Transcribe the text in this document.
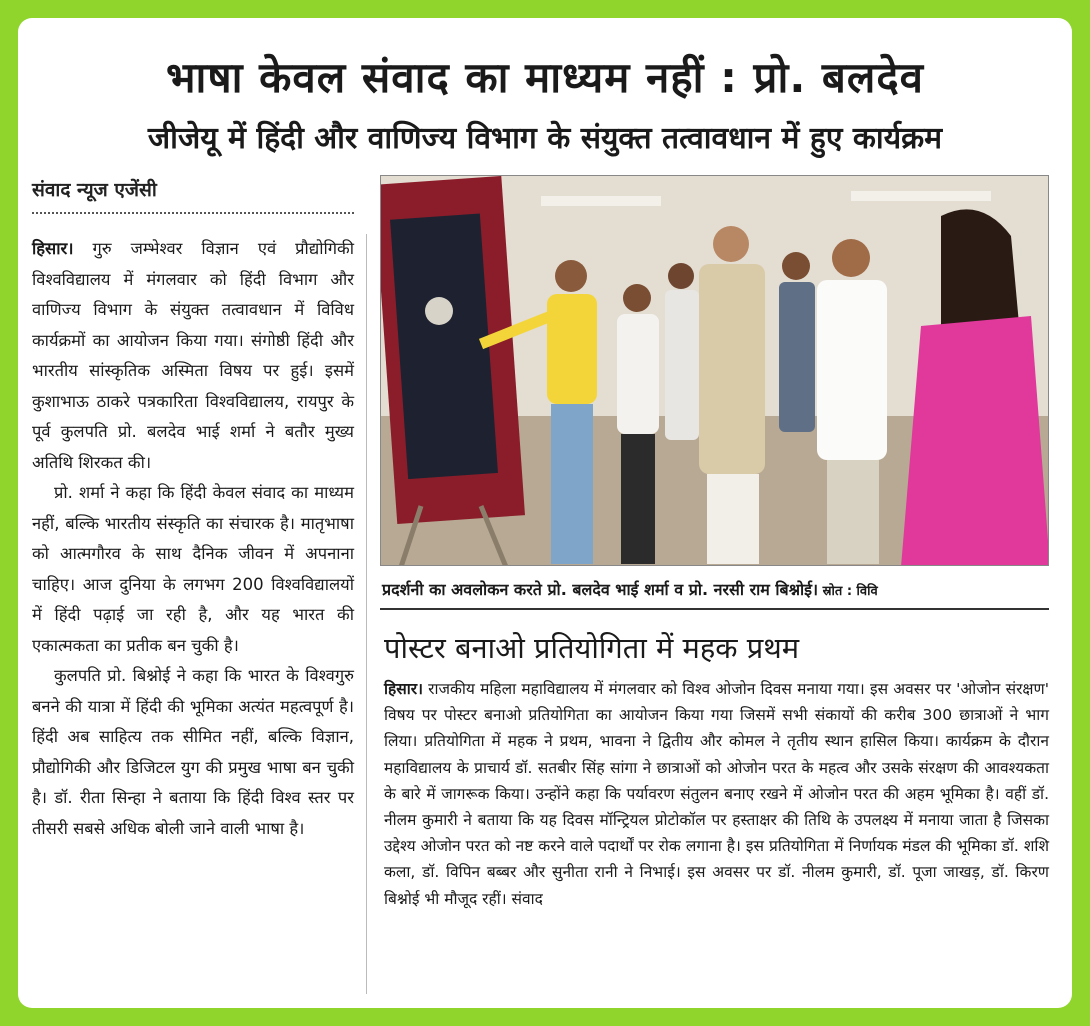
भाषा केवल संवाद का माध्यम नहीं : प्रो. बलदेव
जीजेयू में हिंदी और वाणिज्य विभाग के संयुक्त तत्वावधान में हुए कार्यक्रम
संवाद न्यूज एजेंसी

हिसार। गुरु जम्भेश्वर विज्ञान एवं प्रौद्योगिकी विश्वविद्यालय में मंगलवार को हिंदी विभाग और वाणिज्य विभाग के संयुक्त तत्वावधान में विविध कार्यक्रमों का आयोजन किया गया। संगोष्ठी हिंदी और भारतीय सांस्कृतिक अस्मिता विषय पर हुई। इसमें कुशाभाऊ ठाकरे पत्रकारिता विश्वविद्यालय, रायपुर के पूर्व कुलपति प्रो. बलदेव भाई शर्मा ने बतौर मुख्य अतिथि शिरकत की।

प्रो. शर्मा ने कहा कि हिंदी केवल संवाद का माध्यम नहीं, बल्कि भारतीय संस्कृति का संचारक है। मातृभाषा को आत्मगौरव के साथ दैनिक जीवन में अपनाना चाहिए। आज दुनिया के लगभग 200 विश्वविद्यालयों में हिंदी पढ़ाई जा रही है, और यह भारत की एकात्मकता का प्रतीक बन चुकी है।

कुलपति प्रो. बिश्नोई ने कहा कि भारत के विश्वगुरु बनने की यात्रा में हिंदी की भूमिका अत्यंत महत्वपूर्ण है। हिंदी अब साहित्य तक सीमित नहीं, बल्कि विज्ञान, प्रौद्योगिकी और डिजिटल युग की प्रमुख भाषा बन चुकी है। डॉ. रीता सिन्हा ने बताया कि हिंदी विश्व स्तर पर तीसरी सबसे अधिक बोली जाने वाली भाषा है।

प्रदर्शनी का अवलोकन करते प्रो. बलदेव भाई शर्मा व प्रो. नरसी राम बिश्नोई। स्रोत : विवि
पोस्टर बनाओ प्रतियोगिता में महक प्रथम

हिसार। राजकीय महिला महाविद्यालय में मंगलवार को विश्व ओजोन दिवस मनाया गया। इस अवसर पर 'ओजोन संरक्षण' विषय पर पोस्टर बनाओ प्रतियोगिता का आयोजन किया गया जिसमें सभी संकायों की करीब 300 छात्राओं ने भाग लिया। प्रतियोगिता में महक ने प्रथम, भावना ने द्वितीय और कोमल ने तृतीय स्थान हासिल किया। कार्यक्रम के दौरान महाविद्यालय के प्राचार्य डॉ. सतबीर सिंह सांगा ने छात्राओं को ओजोन परत के महत्व और उसके संरक्षण की आवश्यकता के बारे में जागरूक किया। उन्होंने कहा कि पर्यावरण संतुलन बनाए रखने में ओजोन परत की अहम भूमिका है। वहीं डॉ. नीलम कुमारी ने बताया कि यह दिवस मॉन्ट्रियल प्रोटोकॉल पर हस्ताक्षर की तिथि के उपलक्ष्य में मनाया जाता है जिसका उद्देश्य ओजोन परत को नष्ट करने वाले पदार्थों पर रोक लगाना है। इस प्रतियोगिता में निर्णायक मंडल की भूमिका डॉ. शशि कला, डॉ. विपिन बब्बर और सुनीता रानी ने निभाई। इस अवसर पर डॉ. नीलम कुमारी, डॉ. पूजा जाखड़, डॉ. किरण बिश्नोई भी मौजूद रहीं। संवाद
